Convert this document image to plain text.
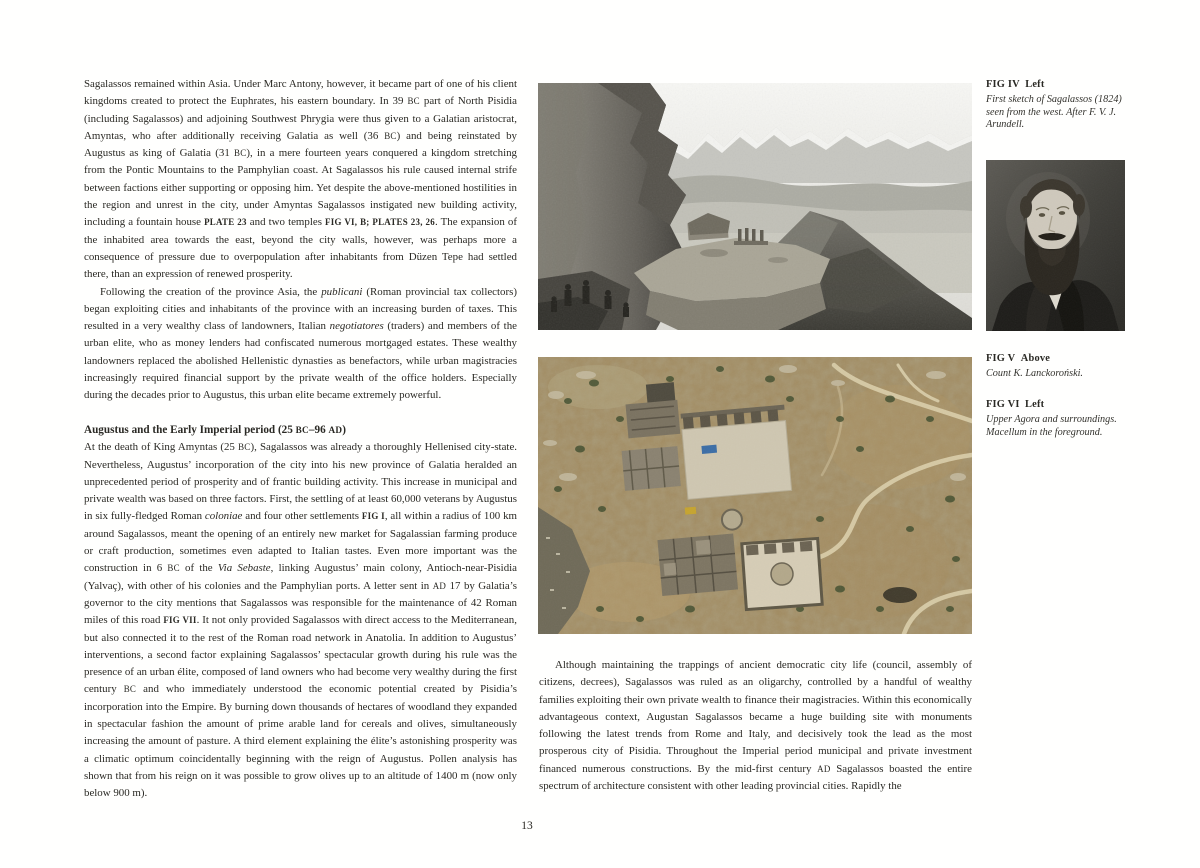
Sagalassos remained within Asia. Under Marc Antony, however, it became part of one of his client kingdoms created to protect the Euphrates, his eastern boundary. In 39 BC part of North Pisidia (including Sagalassos) and adjoining Southwest Phrygia were thus given to a Galatian aristocrat, Amyntas, who after additionally receiving Galatia as well (36 BC) and being reinstated by Augustus as king of Galatia (31 BC), in a mere fourteen years conquered a kingdom stretching from the Pontic Mountains to the Pamphylian coast. At Sagalassos his rule caused internal strife between factions either supporting or opposing him. Yet despite the above-mentioned hostilities in the region and unrest in the city, under Amyntas Sagalassos instigated new building activity, including a fountain house PLATE 23 and two temples FIG VI, B; PLATES 23, 26. The expansion of the inhabited area towards the east, beyond the city walls, however, was perhaps more a consequence of pressure due to overpopulation after inhabitants from Düzen Tepe had settled there, than an expression of renewed prosperity.

Following the creation of the province Asia, the publicani (Roman provincial tax collectors) began exploiting cities and inhabitants of the province with an increasing burden of taxes. This resulted in a very wealthy class of landowners, Italian negotiatores (traders) and members of the urban elite, who as money lenders had confiscated numerous mortgaged estates. These wealthy landowners replaced the abolished Hellenistic dynasties as benefactors, while urban magistracies increasingly required financial support by the private wealth of the office holders. Especially during the decades prior to Augustus, this urban elite became extremely powerful.

Augustus and the Early Imperial period (25 BC–96 AD)

At the death of King Amyntas (25 BC), Sagalassos was already a thoroughly Hellenised city-state. Nevertheless, Augustus’ incorporation of the city into his new province of Galatia heralded an unprecedented period of prosperity and of frantic building activity. This increase in municipal and private wealth was based on three factors. First, the settling of at least 60,000 veterans by Augustus in six fully-fledged Roman coloniae and four other settlements FIG I, all within a radius of 100 km around Sagalassos, meant the opening of an entirely new market for Sagalassian farming produce or craft production, sometimes even adapted to Italian tastes. Even more important was the construction in 6 BC of the Via Sebaste, linking Augustus’ main colony, Antioch-near-Pisidia (Yalvaç), with other of his colonies and the Pamphylian ports. A letter sent in AD 17 by Galatia’s governor to the city mentions that Sagalassos was responsible for the maintenance of 42 Roman miles of this road FIG VII. It not only provided Sagalassos with direct access to the Mediterranean, but also connected it to the rest of the Roman road network in Anatolia. In addition to Augustus’ interventions, a second factor explaining Sagalassos’ spectacular growth during his rule was the presence of an urban élite, composed of land owners who had become very wealthy during the first century BC and who immediately understood the economic potential created by Pisidia’s incorporation into the Empire. By burning down thousands of hectares of woodland they expanded in spectacular fashion the amount of prime arable land for cereals and olives, simultaneously increasing the amount of pasture. A third element explaining the élite’s astonishing prosperity was a climatic optimum coincidentally beginning with the reign of Augustus. Pollen analysis has shown that from his reign on it was possible to grow olives up to an altitude of 1400 m (now only below 900 m).

FIG IV Left
First sketch of Sagalassos (1824) seen from the west. After F. V. J. Arundell.
FIG V Above
Count K. Lanckoroński.
FIG VI Left
Upper Agora and surroundings. Macellum in the foreground.

Although maintaining the trappings of ancient democratic city life (council, assembly of citizens, decrees), Sagalassos was ruled as an oligarchy, controlled by a handful of wealthy families exploiting their own private wealth to finance their magistracies. Within this economically advantageous context, Augustan Sagalassos became a huge building site with monuments following the latest trends from Rome and Italy, and decisively took the lead as the most prosperous city of Pisidia. Throughout the Imperial period municipal and private investment financed numerous constructions. By the mid-first century AD Sagalassos boasted the entire spectrum of architecture consistent with other leading provincial cities. Rapidly the

13
